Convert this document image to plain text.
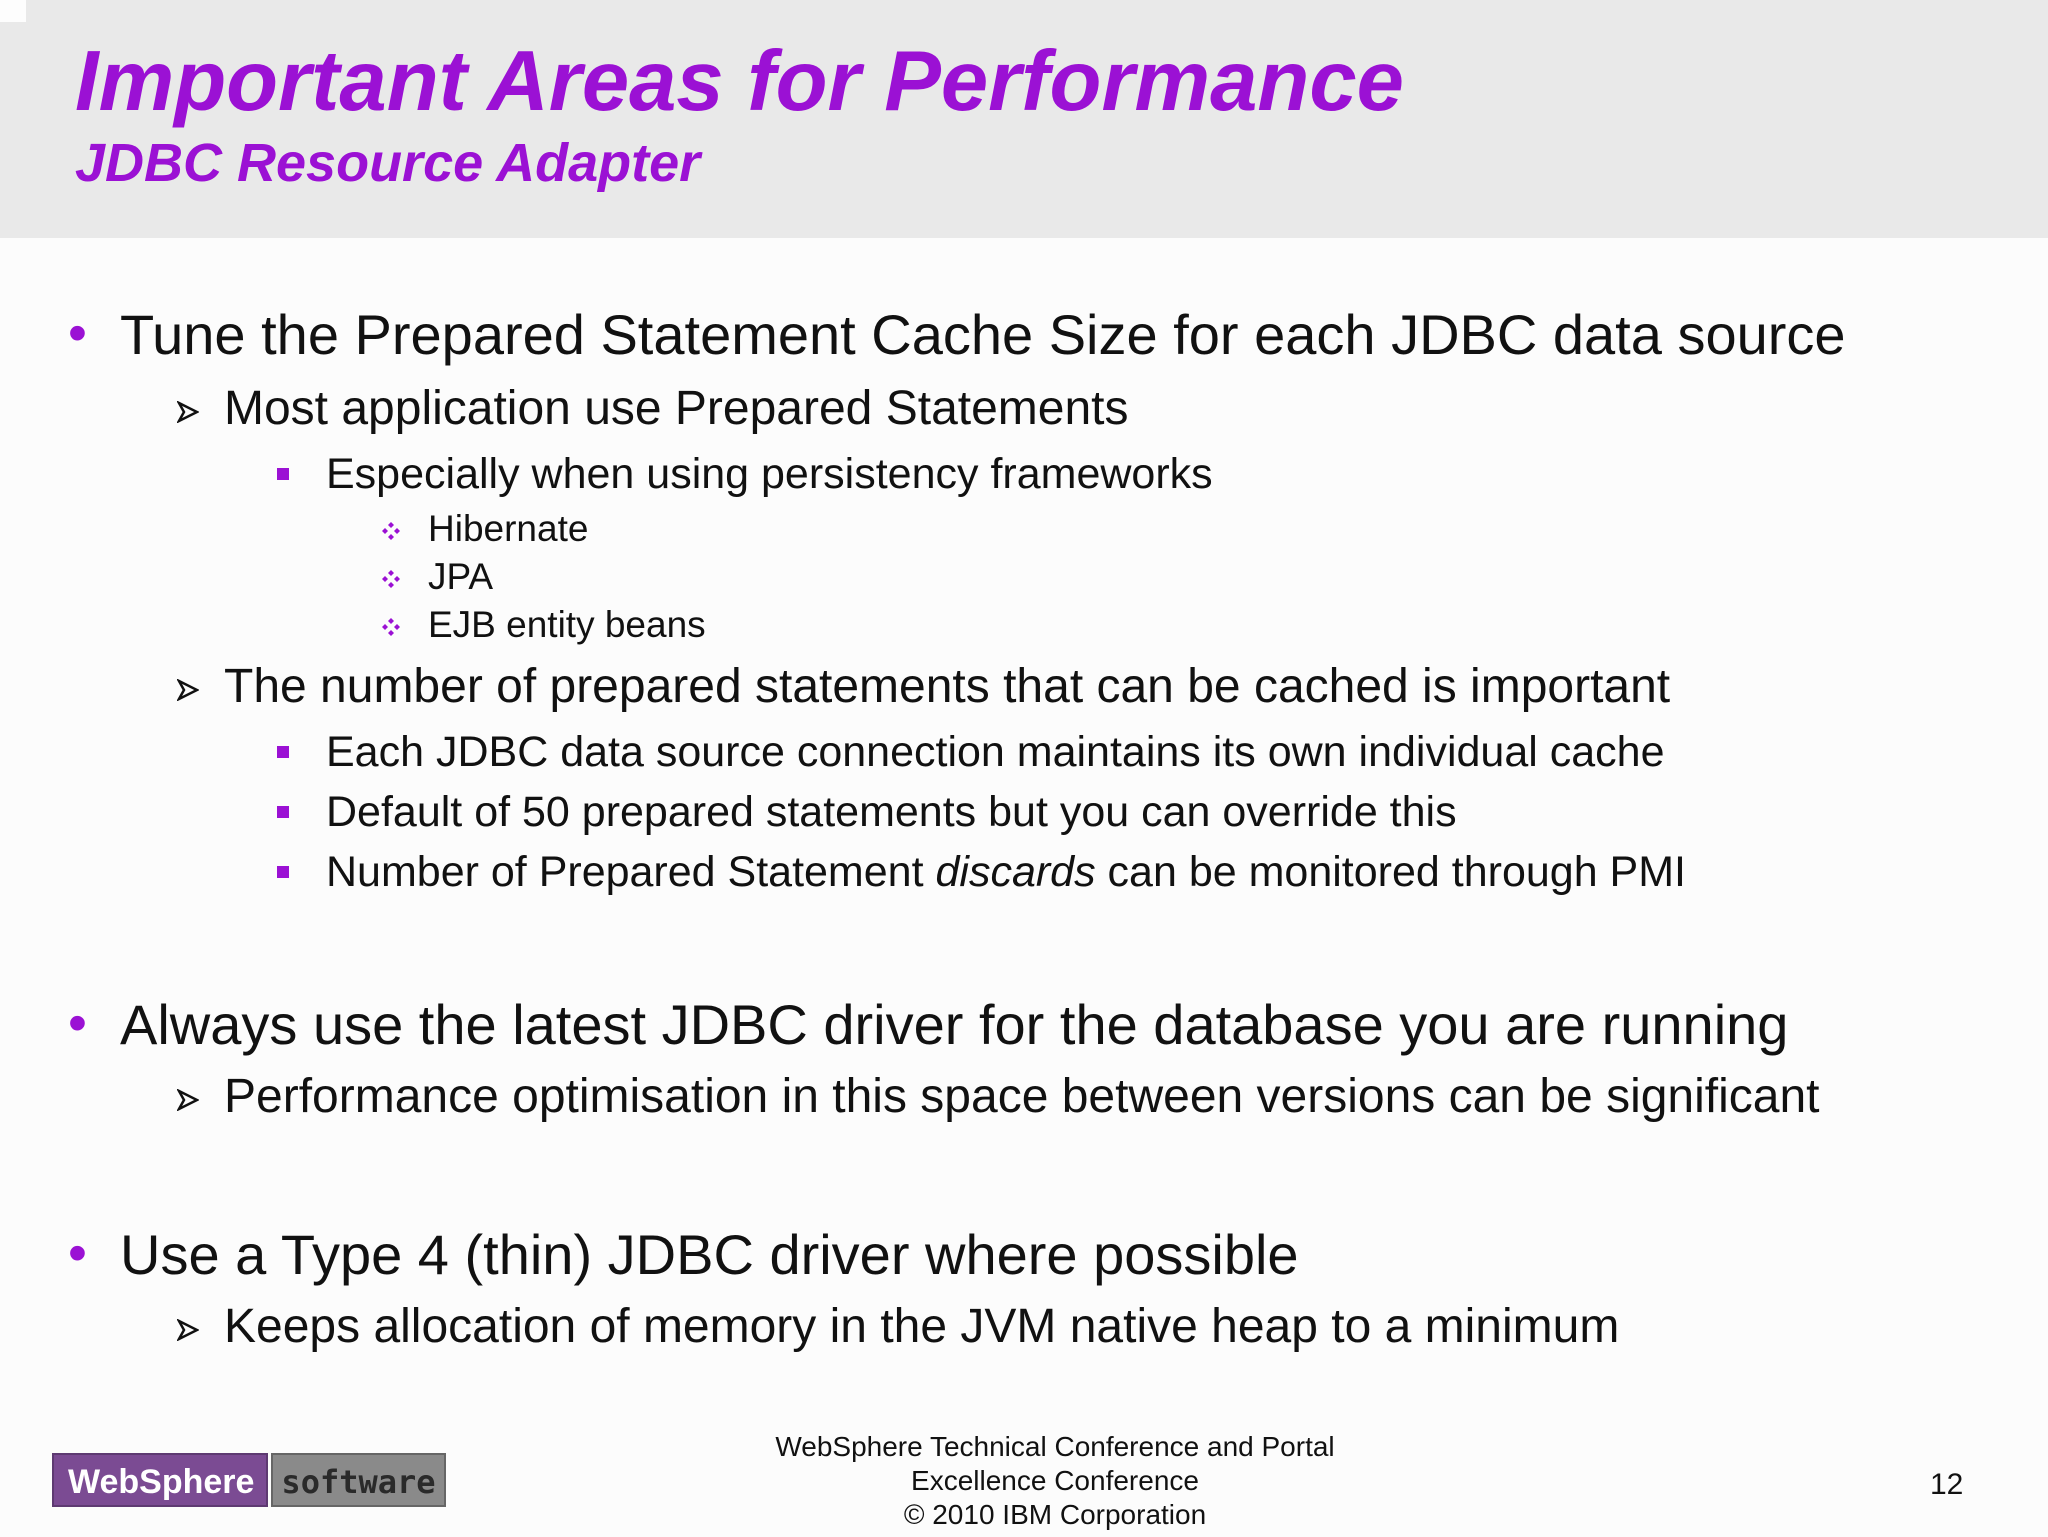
Important Areas for Performance
JDBC Resource Adapter
• Tune the Prepared Statement Cache Size for each JDBC data source
Most application use Prepared Statements
Especially when using persistency frameworks
Hibernate
JPA
EJB entity beans
The number of prepared statements that can be cached is important
Each JDBC data source connection maintains its own individual cache
Default of 50 prepared statements but you can override this
Number of Prepared Statement discards can be monitored through PMI
• Always use the latest JDBC driver for the database you are running
Performance optimisation in this space between versions can be significant
• Use a Type 4 (thin) JDBC driver where possible
Keeps allocation of memory in the JVM native heap to a minimum
WebSphere software
WebSphere Technical Conference and Portal
Excellence Conference
© 2010 IBM Corporation
12
